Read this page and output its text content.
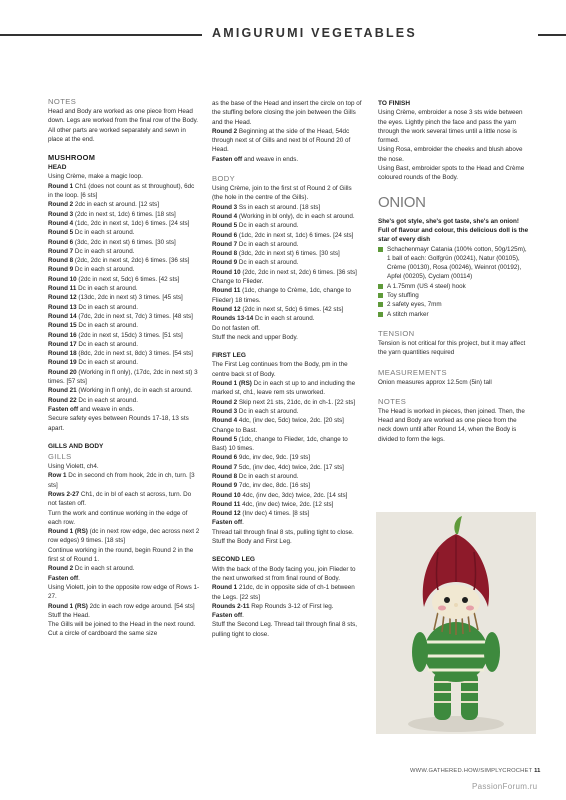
AMIGURUMI VEGETABLES
NOTES
Head and Body are worked as one piece from Head down. Legs are worked from the final row of the Body. All other parts are worked separately and sewn in place at the end.
MUSHROOM
HEAD
Using Crème, make a magic loop.
Round 1 Ch1 (does not count as st throughout), 6dc in the loop. [6 sts]
Round 2 2dc in each st around. [12 sts]
Round 3 (2dc in next st, 1dc) 6 times. [18 sts]
Round 4 (1dc, 2dc in next st, 1dc) 6 times. [24 sts]
Round 5 Dc in each st around.
Round 6 (3dc, 2dc in next st) 6 times. [30 sts]
Round 7 Dc in each st around.
Round 8 (2dc, 2dc in next st, 2dc) 6 times. [36 sts]
Round 9 Dc in each st around.
Round 10 (2dc in next st, 5dc) 6 times. [42 sts]
Round 11 Dc in each st around.
Round 12 (13dc, 2dc in next st) 3 times. [45 sts]
Round 13 Dc in each st around.
Round 14 (7dc, 2dc in next st, 7dc) 3 times. [48 sts]
Round 15 Dc in each st around.
Round 16 (2dc in next st, 15dc) 3 times. [51 sts]
Round 17 Dc in each st around.
Round 18 (8dc, 2dc in next st, 8dc) 3 times. [54 sts]
Round 19 Dc in each st around.
Round 20 (Working in fl only), (17dc, 2dc in next st) 3 times. [57 sts]
Round 21 (Working in fl only), dc in each st around.
Round 22 Dc in each st around.
Fasten off and weave in ends.
Secure safety eyes between Rounds 17-18, 13 sts apart.
GILLS AND BODY
GILLS
Using Violett, ch4.
Row 1 Dc in second ch from hook, 2dc in ch, turn. [3 sts]
Rows 2-27 Ch1, dc in bl of each st across, turn. Do not fasten off.
Turn the work and continue working in the edge of each row.
Round 1 (RS) (dc in next row edge, dec across next 2 row edges) 9 times. [18 sts]
Continue working in the round, begin Round 2 in the first st of Round 1.
Round 2 Dc in each st around.
Fasten off.
Using Violett, join to the opposite row edge of Rows 1-27.
Round 1 (RS) 2dc in each row edge around. [54 sts]
Stuff the Head.
The Gills will be joined to the Head in the next round. Cut a circle of cardboard the same size
as the base of the Head and insert the circle on top of the stuffing before closing the join between the Gills and the Head.
Round 2 Beginning at the side of the Head, 54dc through next st of Gills and next bl of Round 20 of Head.
Fasten off and weave in ends.
BODY
Using Crème, join to the first st of Round 2 of Gills (the hole in the centre of the Gills).
Round 3 Ss in each st around. [18 sts]
Round 4 (Working in bl only), dc in each st around.
Round 5 Dc in each st around.
Round 6 (1dc, 2dc in next st, 1dc) 6 times. [24 sts]
Round 7 Dc in each st around.
Round 8 (3dc, 2dc in next st) 6 times. [30 sts]
Round 9 Dc in each st around.
Round 10 (2dc, 2dc in next st, 2dc) 6 times. [36 sts]
Change to Flieder.
Round 11 (1dc, change to Crème, 1dc, change to Flieder) 18 times.
Round 12 (2dc in next st, 5dc) 6 times. [42 sts]
Rounds 13-14 Dc in each st around.
Do not fasten off.
Stuff the neck and upper Body.
FIRST LEG
The First Leg continues from the Body, pm in the centre back st of Body.
Round 1 (RS) Dc in each st up to and including the marked st, ch1, leave rem sts unworked.
Round 2 Skip next 21 sts, 21dc, dc in ch-1. [22 sts]
Round 3 Dc in each st around.
Round 4 4dc, (inv dec, 5dc) twice, 2dc. [20 sts]
Change to Bast.
Round 5 (1dc, change to Flieder, 1dc, change to Bast) 10 times.
Round 6 9dc, inv dec, 9dc. [19 sts]
Round 7 5dc, (inv dec, 4dc) twice, 2dc. [17 sts]
Round 8 Dc in each st around.
Round 9 7dc, inv dec, 8dc. [16 sts]
Round 10 4dc, (inv dec, 3dc) twice, 2dc. [14 sts]
Round 11 4dc, (inv dec) twice, 2dc. [12 sts]
Round 12 (Inv dec) 4 times. [8 sts]
Fasten off.
Thread tail through final 8 sts, pulling tight to close. Stuff the Body and First Leg.
SECOND LEG
With the back of the Body facing you, join Flieder to the next unworked st from final round of Body.
Round 1 21dc, dc in opposite side of ch-1 between the Legs. [22 sts]
Rounds 2-11 Rep Rounds 3-12 of First leg.
Fasten off.
Stuff the Second Leg. Thread tail through final 8 sts, pulling tight to close.
TO FINISH
Using Crème, embroider a nose 3 sts wide between the eyes. Lightly pinch the face and pass the yarn through the work several times until a little nose is formed.
Using Rosa, embroider the cheeks and blush above the nose.
Using Bast, embroider spots to the Head and Crème coloured rounds of the Body.
ONION
She's got style, she's got taste, she's an onion! Full of flavour and colour, this delicious doll is the star of every dish
Schachenmayr Catania (100% cotton, 50g/125m), 1 ball of each: Golfgrün (00241), Natur (00105), Crème (00130), Rosa (00246), Weinrot (00192), Apfel (00205), Cyclam (00114)
A 1.75mm (US 4 steel) hook
Toy stuffing
2 safety eyes, 7mm
A stitch marker
TENSION
Tension is not critical for this project, but it may affect the yarn quantities required
MEASUREMENTS
Onion measures approx 12.5cm (5in) tall
NOTES
The Head is worked in pieces, then joined. Then, the Head and Body are worked as one piece from the neck down until after Round 14, when the Body is divided to form the legs.
WWW.GATHERED.HOW/SIMPLYCROCHET 11
PassionForum.ru
